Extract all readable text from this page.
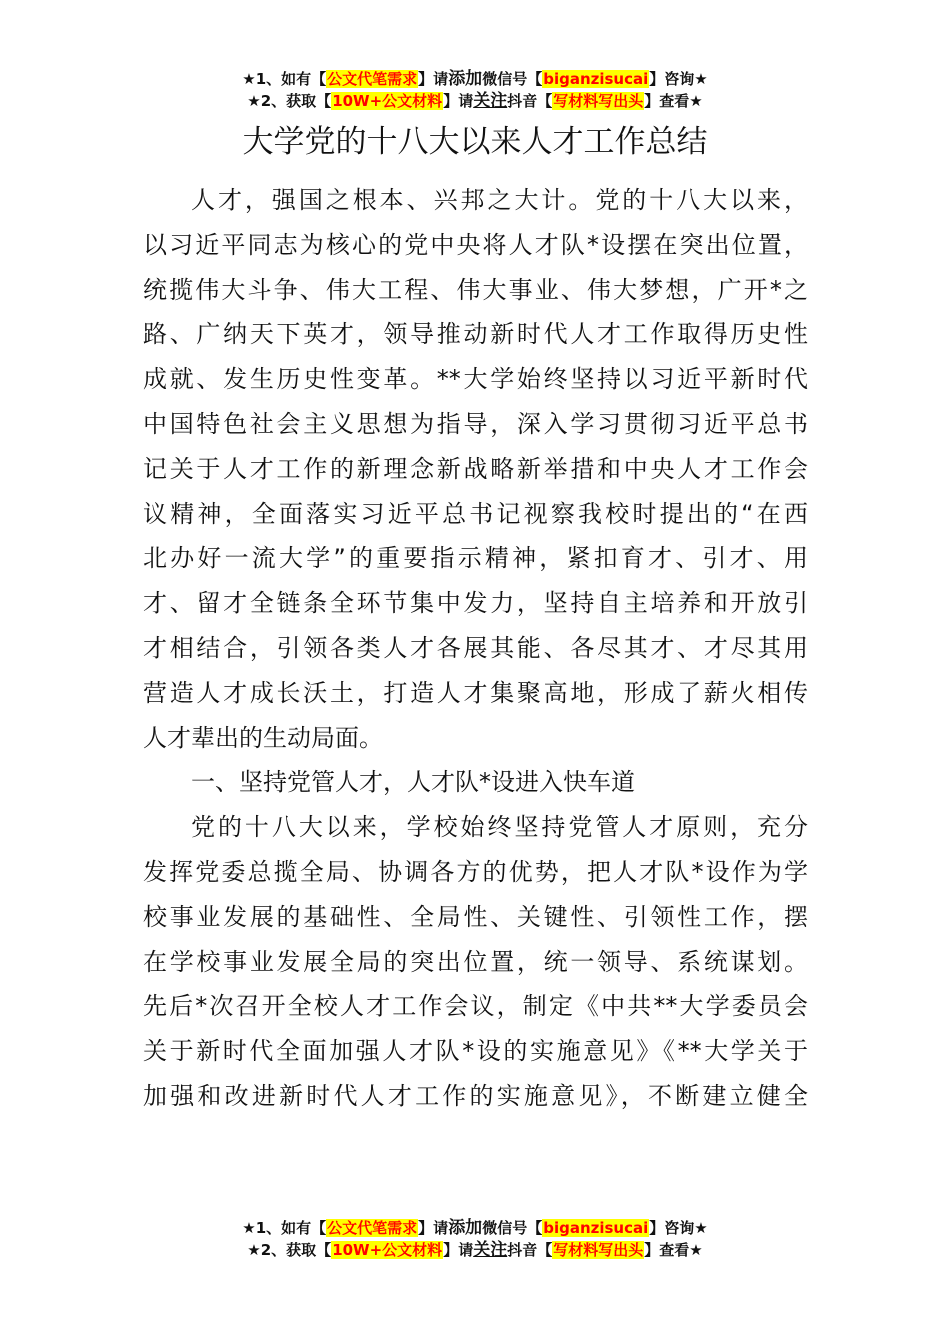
★1、如有【公文代笔需求】请添加微信号【biganzisucai】咨询★
★2、获取【10W+公文材料】请关注抖音【写材料写出头】查看★
大学党的十八大以来人才工作总结
人才，强国之根本、兴邦之大计。党的十八大以来，
以习近平同志为核心的党中央将人才队*设摆在突出位置，
统揽伟大斗争、伟大工程、伟大事业、伟大梦想，广开*之
路、广纳天下英才，领导推动新时代人才工作取得历史性
成就、发生历史性变革。**大学始终坚持以习近平新时代
中国特色社会主义思想为指导，深入学习贯彻习近平总书
记关于人才工作的新理念新战略新举措和中央人才工作会
议精神，全面落实习近平总书记视察我校时提出的“在西
北办好一流大学”的重要指示精神，紧扣育才、引才、用
才、留才全链条全环节集中发力，坚持自主培养和开放引
才相结合，引领各类人才各展其能、各尽其才、才尽其用
营造人才成长沃土，打造人才集聚高地，形成了薪火相传
人才辈出的生动局面。
一、坚持党管人才，人才队*设进入快车道
党的十八大以来，学校始终坚持党管人才原则，充分
发挥党委总揽全局、协调各方的优势，把人才队*设作为学
校事业发展的基础性、全局性、关键性、引领性工作，摆
在学校事业发展全局的突出位置，统一领导、系统谋划。
先后*次召开全校人才工作会议，制定《中共**大学委员会
关于新时代全面加强人才队*设的实施意见》《**大学关于
加强和改进新时代人才工作的实施意见》，不断建立健全
★1、如有【公文代笔需求】请添加微信号【biganzisucai】咨询★
★2、获取【10W+公文材料】请关注抖音【写材料写出头】查看★
